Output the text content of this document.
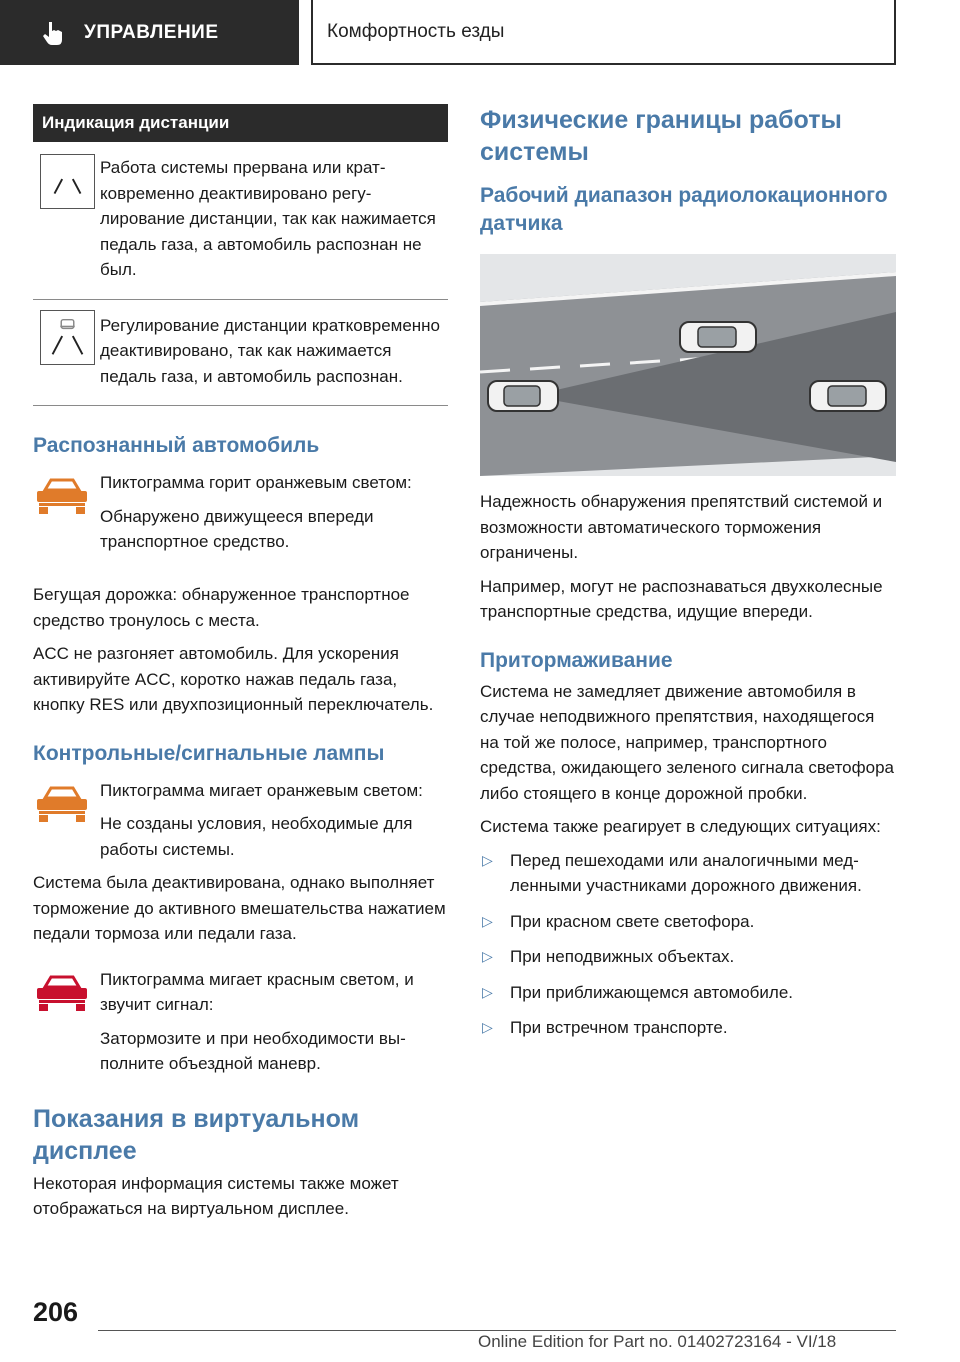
УПРАВЛЕНИЕ	Комфортность езды
Индикация дистанции
Работа системы прервана или кратковременно деактивировано регулирование дистанции, так как нажимается педаль газа, а автомобиль распознан не был.
Регулирование дистанции кратковременно деактивировано, так как нажимается педаль газа, и автомобиль распознан.
Распознанный автомобиль

Пиктограмма горит оранжевым светом:

Обнаружено движущееся впереди транспортное средство.

Бегущая дорожка: обнаруженное транспортное средство тронулось с места.

ACC не разгоняет автомобиль. Для ускорения активируйте ACC, коротко нажав педаль газа, кнопку RES или двухпозиционный переключатель.

Контрольные/сигнальные лампы

Пиктограмма мигает оранжевым светом:

Не созданы условия, необходимые для работы системы.

Система была деактивирована, однако выполняет торможение до активного вмешательства нажатием педали тормоза или педали газа.

Пиктограмма мигает красным светом, и звучит сигнал:

Затормозите и при необходимости выполните объездной маневр.

Показания в виртуальном дисплее

Некоторая информация системы также может отображаться на виртуальном дисплее.

Физические границы работы системы
Рабочий диапазон радиолокационного датчика

Надежность обнаружения препятствий системой и возможности автоматического торможения ограничены.

Например, могут не распознаваться двухколесные транспортные средства, идущие впереди.

Притормаживание

Система не замедляет движение автомобиля в случае неподвижного препятствия, находящегося на той же полосе, например, транспортного средства, ожидающего зеленого сигнала светофора либо стоящего в конце дорожной пробки.

Система также реагирует в следующих ситуациях:

▷ Перед пешеходами или аналогичными медленными участниками дорожного движения.
▷ При красном свете светофора.
▷ При неподвижных объектах.
▷ При приближающемся автомобиле.
▷ При встречном транспорте.
206
Online Edition for Part no. 01402723164 - VI/18
